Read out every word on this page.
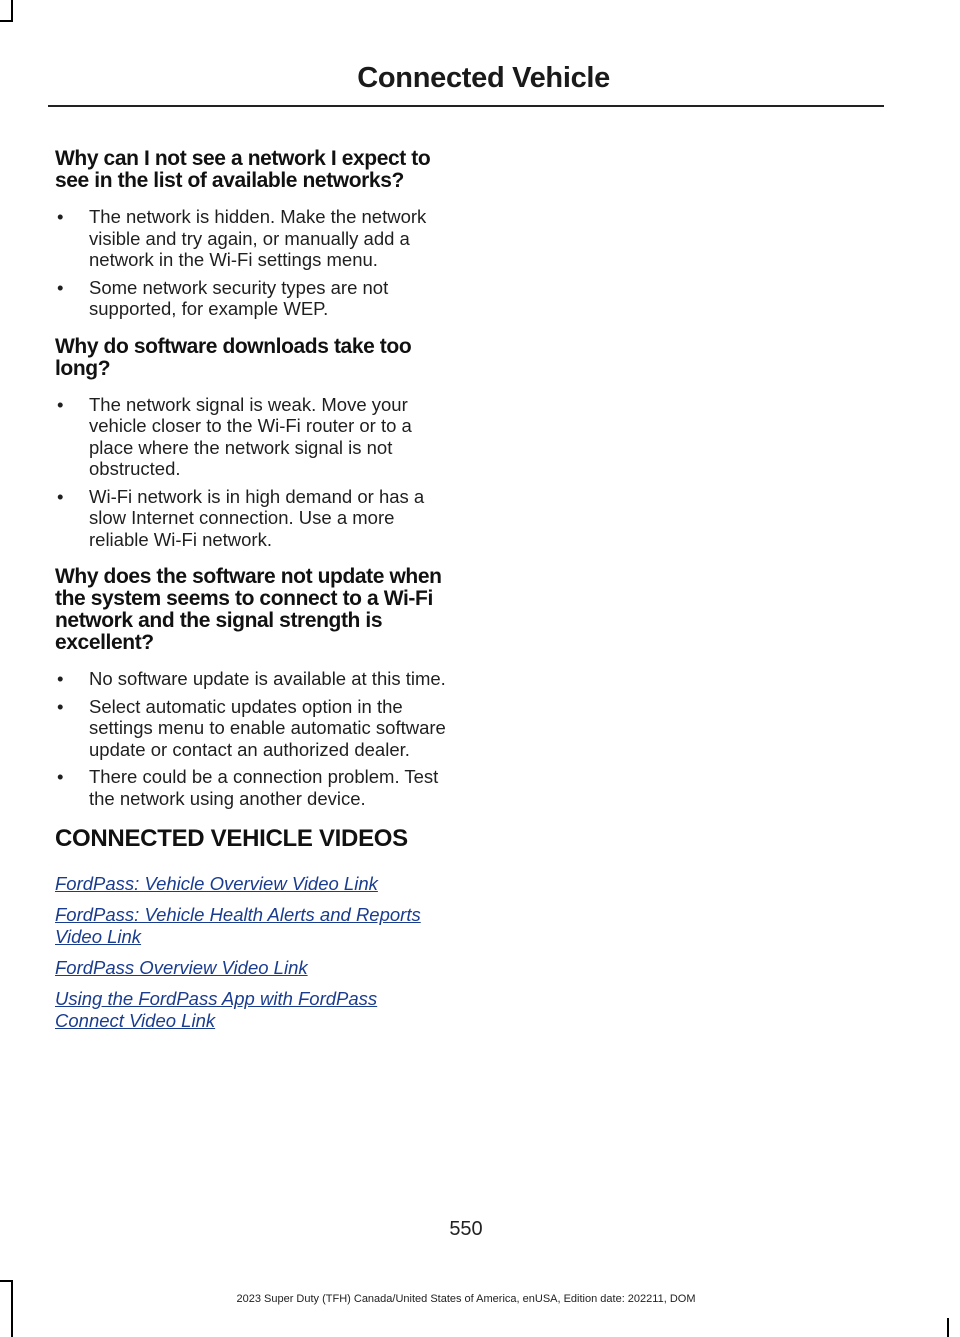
Connected Vehicle
Why can I not see a network I expect to see in the list of available networks?
• The network is hidden. Make the network visible and try again, or manually add a network in the Wi-Fi settings menu.
• Some network security types are not supported, for example WEP.
Why do software downloads take too long?
• The network signal is weak. Move your vehicle closer to the Wi-Fi router or to a place where the network signal is not obstructed.
• Wi-Fi network is in high demand or has a slow Internet connection. Use a more reliable Wi-Fi network.
Why does the software not update when the system seems to connect to a Wi-Fi network and the signal strength is excellent?
• No software update is available at this time.
• Select automatic updates option in the settings menu to enable automatic software update or contact an authorized dealer.
• There could be a connection problem. Test the network using another device.
CONNECTED VEHICLE VIDEOS
FordPass: Vehicle Overview Video Link
FordPass: Vehicle Health Alerts and Reports Video Link
FordPass Overview Video Link
Using the FordPass App with FordPass Connect Video Link
550
2023 Super Duty (TFH) Canada/United States of America, enUSA, Edition date: 202211, DOM
